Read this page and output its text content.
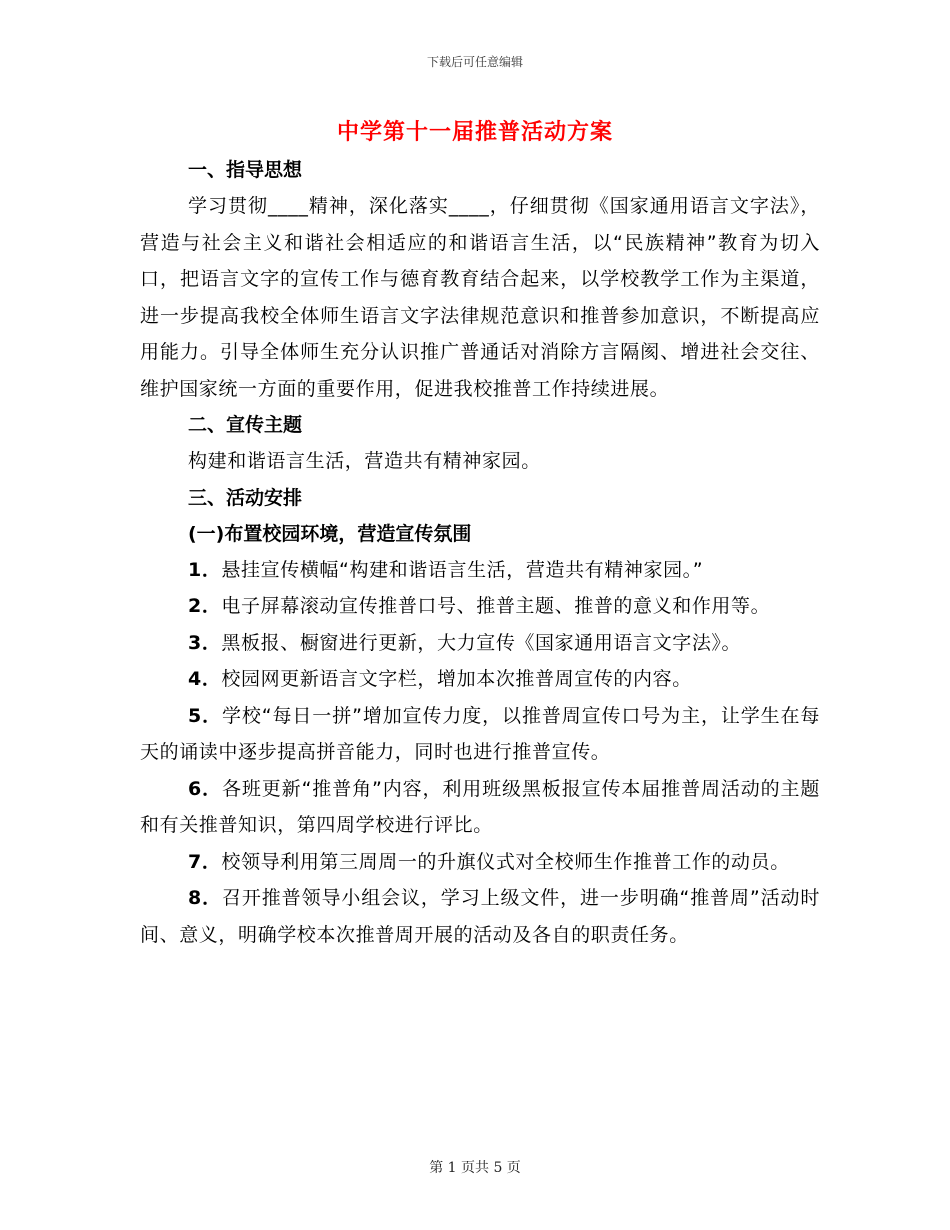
下载后可任意编辑
中学第十一届推普活动方案
一、指导思想
学习贯彻____精神，深化落实____，仔细贯彻《国家通用语言文字法》，营造与社会主义和谐社会相适应的和谐语言生活，以“民族精神”教育为切入口，把语言文字的宣传工作与德育教育结合起来，以学校教学工作为主渠道，进一步提高我校全体师生语言文字法律规范意识和推普参加意识，不断提高应用能力。引导全体师生充分认识推广普通话对消除方言隔阂、增进社会交往、维护国家统一方面的重要作用，促进我校推普工作持续进展。
二、宣传主题
构建和谐语言生活，营造共有精神家园。
三、活动安排
(一)布置校园环境，营造宣传氛围
1．悬挂宣传横幅“构建和谐语言生活，营造共有精神家园。”
2．电子屏幕滚动宣传推普口号、推普主题、推普的意义和作用等。
3．黑板报、橱窗进行更新，大力宣传《国家通用语言文字法》。
4．校园网更新语言文字栏，增加本次推普周宣传的内容。
5．学校“每日一拼”增加宣传力度，以推普周宣传口号为主，让学生在每天的诵读中逐步提高拼音能力，同时也进行推普宣传。
6．各班更新“推普角”内容，利用班级黑板报宣传本届推普周活动的主题和有关推普知识，第四周学校进行评比。
7．校领导利用第三周周一的升旗仪式对全校师生作推普工作的动员。
8．召开推普领导小组会议，学习上级文件，进一步明确“推普周”活动时间、意义，明确学校本次推普周开展的活动及各自的职责任务。
第 1 页共 5 页
